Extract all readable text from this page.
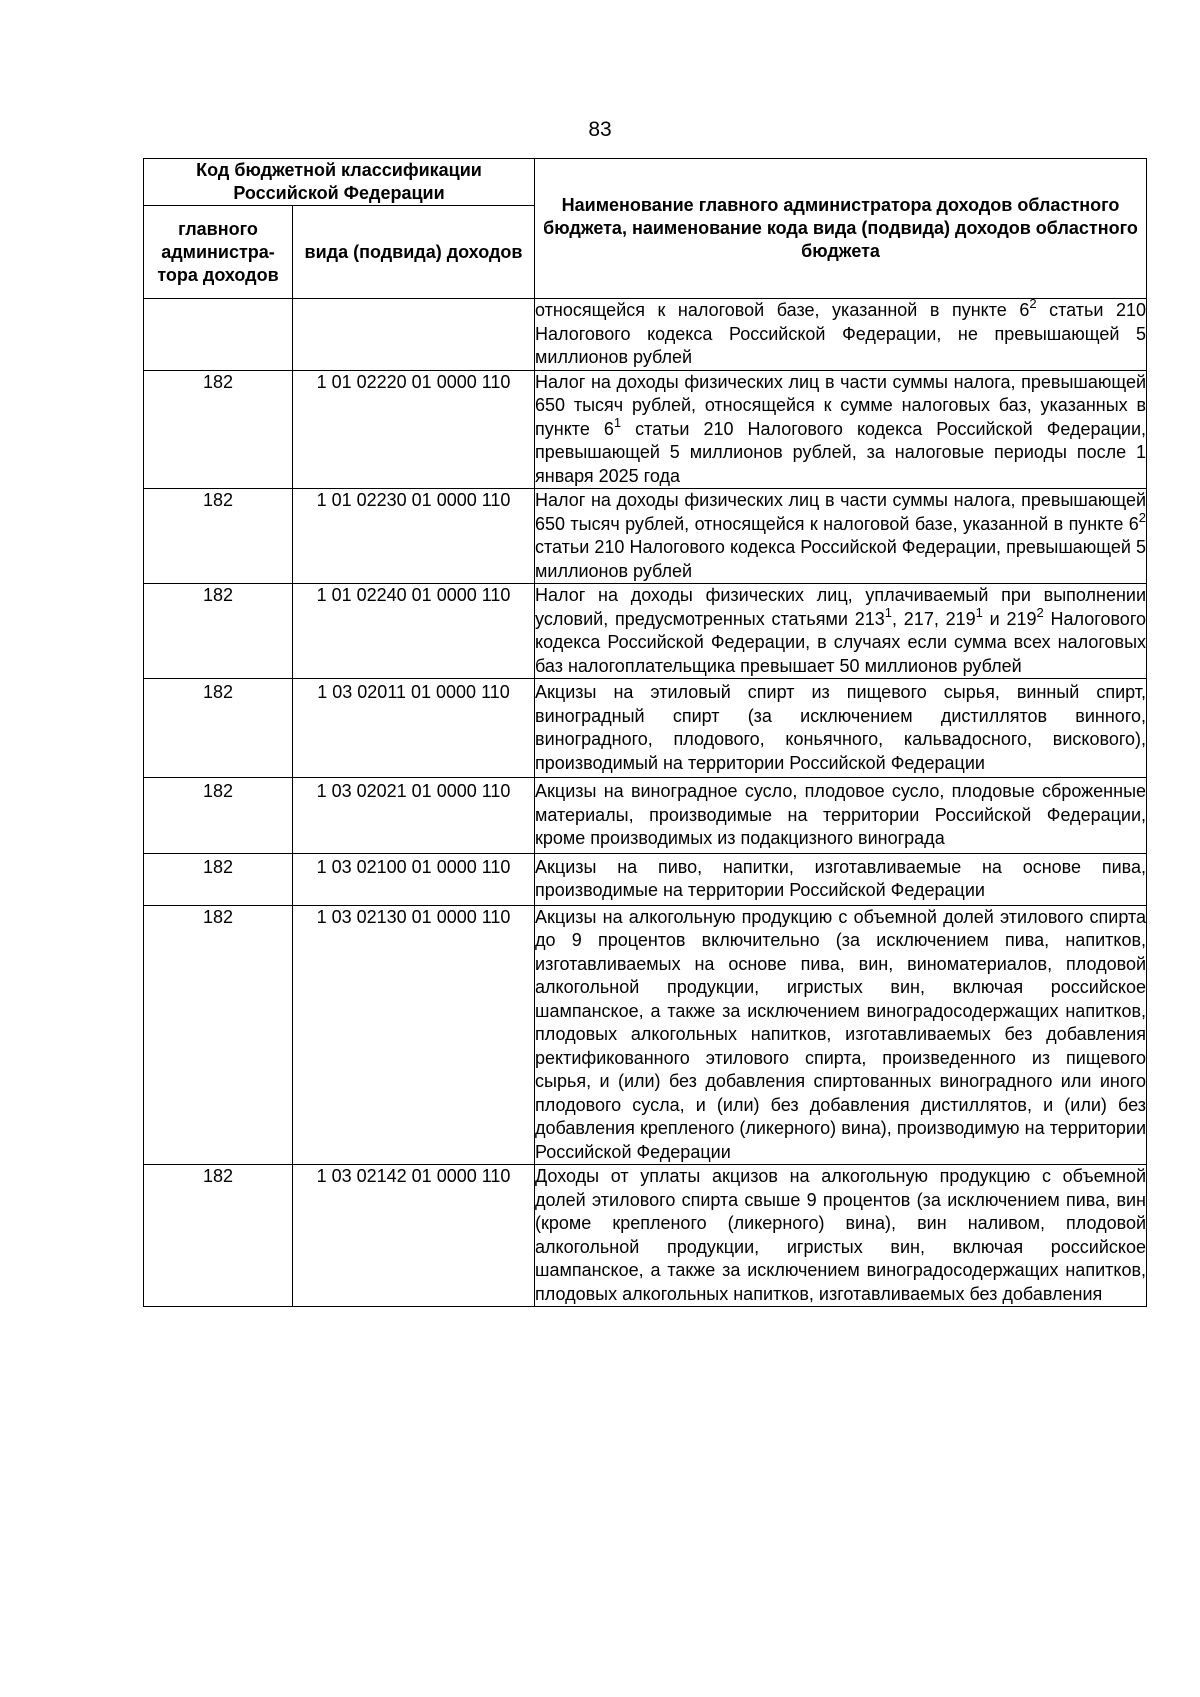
83
Код бюджетной классификации Российской Федерации		Наименование главного администратора доходов областного бюджета, наименование кода вида (подвида) доходов областного бюджета
главного администра-тора доходов	вида (подвида) доходов	
		относящейся к налоговой базе, указанной в пункте $6^2$ статьи 210 Налогового кодекса Российской Федерации, не превышающей 5 миллионов рублей
182	1 01 02220 01 0000 110	Налог на доходы физических лиц в части суммы налога, превышающей 650 тысяч рублей, относящейся к сумме налоговых баз, указанных в пункте $6^1$ статьи 210 Налогового кодекса Российской Федерации, превышающей 5 миллионов рублей, за налоговые периоды после 1 января 2025 года
182	1 01 02230 01 0000 110	Налог на доходы физических лиц в части суммы налога, превышающей 650 тысяч рублей, относящейся к налоговой базе, указанной в пункте $6^2$ статьи 210 Налогового кодекса Российской Федерации, превышающей 5 миллионов рублей
182	1 01 02240 01 0000 110	Налог на доходы физических лиц, уплачиваемый при выполнении условий, предусмотренных статьями $213^1$, 217, $219^1$ и $219^2$ Налогового кодекса Российской Федерации, в случаях если сумма всех налоговых баз налогоплательщика превышает 50 миллионов рублей
182	1 03 02011 01 0000 110	Акцизы на этиловый спирт из пищевого сырья, винный спирт, виноградный спирт (за исключением дистиллятов винного, виноградного, плодового, коньячного, кальвадосного, вискового), производимый на территории Российской Федерации
182	1 03 02021 01 0000 110	Акцизы на виноградное сусло, плодовое сусло, плодовые сброженные материалы, производимые на территории Российской Федерации, кроме производимых из подакцизного винограда
182	1 03 02100 01 0000 110	Акцизы на пиво, напитки, изготавливаемые на основе пива, производимые на территории Российской Федерации
182	1 03 02130 01 0000 110	Акцизы на алкогольную продукцию с объемной долей этилового спирта до 9 процентов включительно (за исключением пива, напитков, изготавливаемых на основе пива, вин, виноматериалов, плодовой алкогольной продукции, игристых вин, включая российское шампанское, а также за исключением виноградосодержащих напитков, плодовых алкогольных напитков, изготавливаемых без добавления ректификованного этилового спирта, произведенного из пищевого сырья, и (или) без добавления спиртованных виноградного или иного плодового сусла, и (или) без добавления дистиллятов, и (или) без добавления крепленого (ликерного) вина), производимую на территории Российской Федерации
182	1 03 02142 01 0000 110	Доходы от уплаты акцизов на алкогольную продукцию с объемной долей этилового спирта свыше 9 процентов (за исключением пива, вин (кроме крепленого (ликерного) вина), вин наливом, плодовой алкогольной продукции, игристых вин, включая российское шампанское, а также за исключением виноградосодержащих напитков, плодовых алкогольных напитков, изготавливаемых без добавления
